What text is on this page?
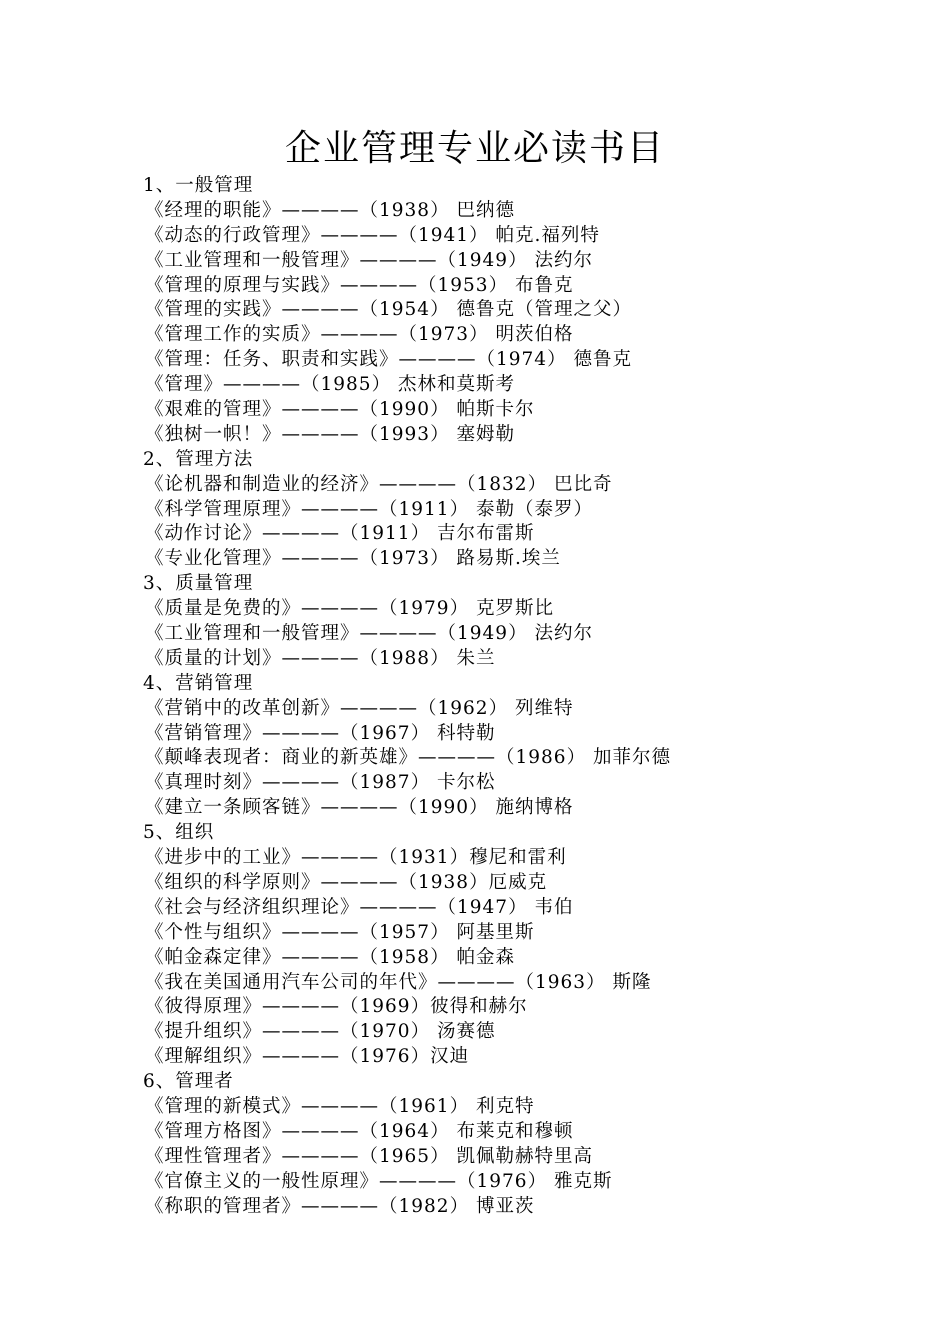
企业管理专业必读书目
1、一般管理
《经理的职能》————（1938） 巴纳德
《动态的行政管理》————（1941） 帕克.福列特
《工业管理和一般管理》————（1949） 法约尔
《管理的原理与实践》————（1953） 布鲁克
《管理的实践》————（1954） 德鲁克（管理之父）
《管理工作的实质》————（1973） 明茨伯格
《管理：任务、职责和实践》————（1974） 德鲁克
《管理》————（1985） 杰林和莫斯考
《艰难的管理》————（1990） 帕斯卡尔
《独树一帜！》————（1993） 塞姆勒
2、管理方法
《论机器和制造业的经济》————（1832） 巴比奇
《科学管理原理》————（1911） 泰勒（泰罗）
《动作讨论》————（1911） 吉尔布雷斯
《专业化管理》————（1973） 路易斯.埃兰
3、质量管理
《质量是免费的》————（1979） 克罗斯比
《工业管理和一般管理》————（1949） 法约尔
《质量的计划》————（1988） 朱兰
4、营销管理
《营销中的改革创新》————（1962） 列维特
《营销管理》————（1967） 科特勒
《颠峰表现者：商业的新英雄》————（1986） 加菲尔德
《真理时刻》————（1987） 卡尔松
《建立一条顾客链》————（1990） 施纳博格
5、组织
《进步中的工业》————（1931）穆尼和雷利
《组织的科学原则》————（1938）厄威克
《社会与经济组织理论》————（1947） 韦伯
《个性与组织》————（1957） 阿基里斯
《帕金森定律》————（1958） 帕金森
《我在美国通用汽车公司的年代》————（1963） 斯隆
《彼得原理》————（1969）彼得和赫尔
《提升组织》————（1970） 汤赛德
《理解组织》————（1976）汉迪
6、管理者
《管理的新模式》————（1961） 利克特
《管理方格图》————（1964） 布莱克和穆顿
《理性管理者》————（1965） 凯佩勒赫特里高
《官僚主义的一般性原理》————（1976） 雅克斯
《称职的管理者》————（1982） 博亚茨
